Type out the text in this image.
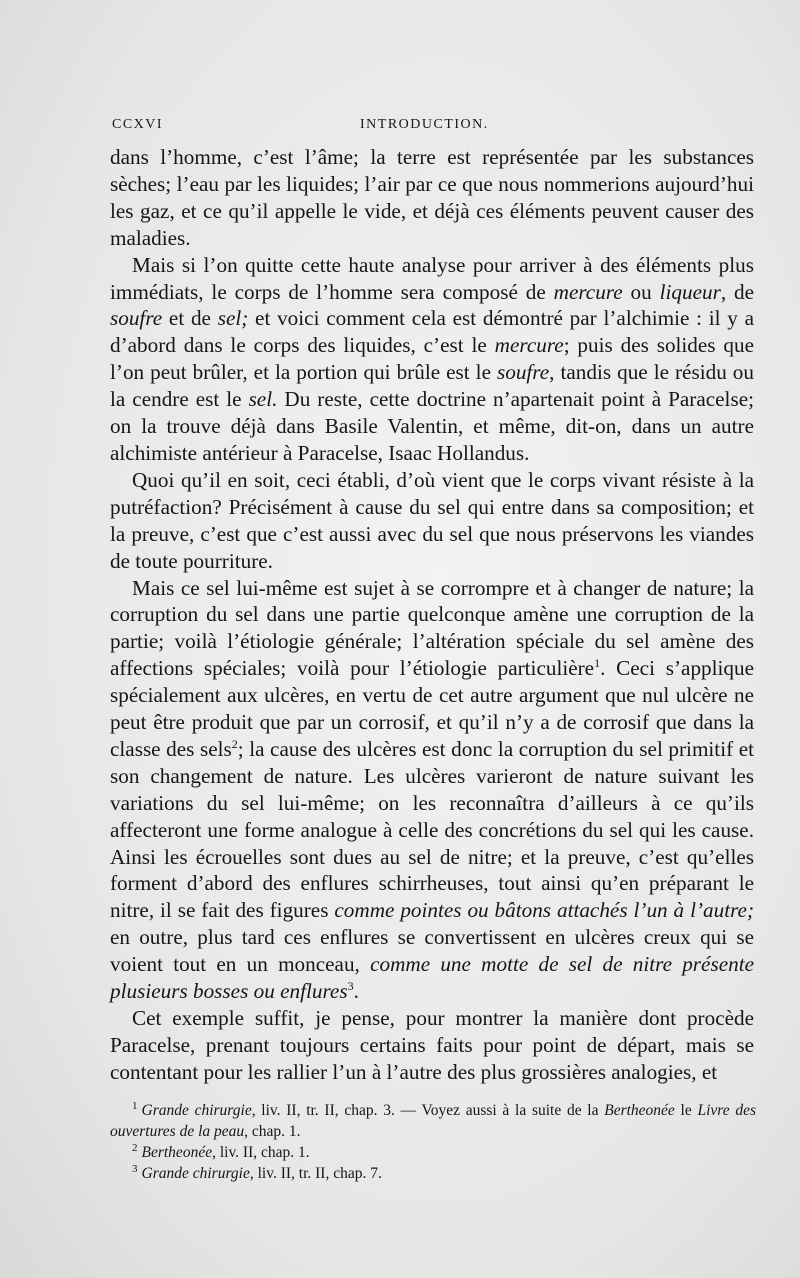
CCXVI	INTRODUCTION.

dans l’homme, c’est l’âme; la terre est représentée par les substances sèches; l’eau par les liquides; l’air par ce que nous nommerions aujourd’hui les gaz, et ce qu’il appelle le vide, et déjà ces éléments peuvent causer des maladies.

Mais si l’on quitte cette haute analyse pour arriver à des éléments plus immédiats, le corps de l’homme sera composé de mercure ou liqueur, de soufre et de sel; et voici comment cela est démontré par l’alchimie : il y a d’abord dans le corps des liquides, c’est le mercure; puis des solides que l’on peut brûler, et la portion qui brûle est le soufre, tandis que le résidu ou la cendre est le sel. Du reste, cette doctrine n’apartenait point à Paracelse; on la trouve déjà dans Basile Valentin, et même, dit-on, dans un autre alchimiste antérieur à Paracelse, Isaac Hollandus.

Quoi qu’il en soit, ceci établi, d’où vient que le corps vivant résiste à la putréfaction? Précisément à cause du sel qui entre dans sa composition; et la preuve, c’est que c’est aussi avec du sel que nous préservons les viandes de toute pourriture.

Mais ce sel lui-même est sujet à se corrompre et à changer de nature; la corruption du sel dans une partie quelconque amène une corruption de la partie; voilà l’étiologie générale; l’altération spéciale du sel amène des affections spéciales; voilà pour l’étiologie particulière$^1$. Ceci s’applique spécialement aux ulcères, en vertu de cet autre argument que nul ulcère ne peut être produit que par un corrosif, et qu’il n’y a de corrosif que dans la classe des sels$^2$; la cause des ulcères est donc la corruption du sel primitif et son changement de nature. Les ulcères varieront de nature suivant les variations du sel lui-même; on les reconnaîtra d’ailleurs à ce qu’ils affecteront une forme analogue à celle des concrétions du sel qui les cause. Ainsi les écrouelles sont dues au sel de nitre; et la preuve, c’est qu’elles forment d’abord des enflures schirrheuses, tout ainsi qu’en préparant le nitre, il se fait des figures comme pointes ou bâtons attachés l’un à l’autre; en outre, plus tard ces enflures se convertissent en ulcères creux qui se voient tout en un monceau, comme une motte de sel de nitre présente plusieurs bosses ou enflures$^3$.

Cet exemple suffit, je pense, pour montrer la manière dont procède Paracelse, prenant toujours certains faits pour point de départ, mais se contentant pour les rallier l’un à l’autre des plus grossières analogies, et

$^1$ Grande chirurgie, liv. II, tr. II, chap. 3. — Voyez aussi à la suite de la Bertheonée le Livre des ouvertures de la peau, chap. 1.

$^2$ Bertheonée, liv. II, chap. 1.

$^3$ Grande chirurgie, liv. II, tr. II, chap. 7.
